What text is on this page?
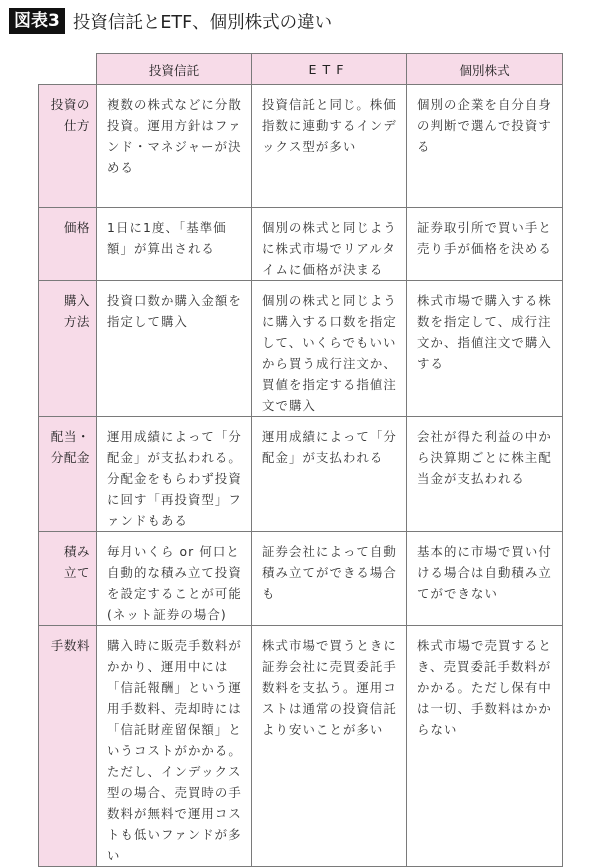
図表3 投資信託とETF、個別株式の違い
	投資信託	ETF	個別株式

投資の
仕方	複数の株式などに分散投資。運用方針はファンド・マネジャーが決める	投資信託と同じ。株価指数に連動するインデックス型が多い	個別の企業を自分自身の判断で選んで投資する

価格	1日に1度、「基準価額」が算出される	個別の株式と同じように株式市場でリアルタイムに価格が決まる	証券取引所で買い手と売り手が価格を決める

購入
方法	投資口数か購入金額を指定して購入	個別の株式と同じように購入する口数を指定して、いくらでもいいから買う成行注文か、買値を指定する指値注文で購入	株式市場で購入する株数を指定して、成行注文か、指値注文で購入する

配当・
分配金	運用成績によって「分配金」が支払われる。分配金をもらわず投資に回す「再投資型」ファンドもある	運用成績によって「分配金」が支払われる	会社が得た利益の中から決算期ごとに株主配当金が支払われる

積み
立て	毎月いくら or 何口と自動的な積み立て投資を設定することが可能(ネット証券の場合)	証券会社によって自動積み立てができる場合も	基本的に市場で買い付ける場合は自動積み立てができない

手数料	購入時に販売手数料がかかり、運用中には「信託報酬」という運用手数料、売却時には「信託財産留保額」というコストがかかる。ただし、インデックス型の場合、売買時の手数料が無料で運用コストも低いファンドが多い	株式市場で買うときに証券会社に売買委託手数料を支払う。運用コストは通常の投資信託より安いことが多い	株式市場で売買するとき、売買委託手数料がかかる。ただし保有中は一切、手数料はかからない
